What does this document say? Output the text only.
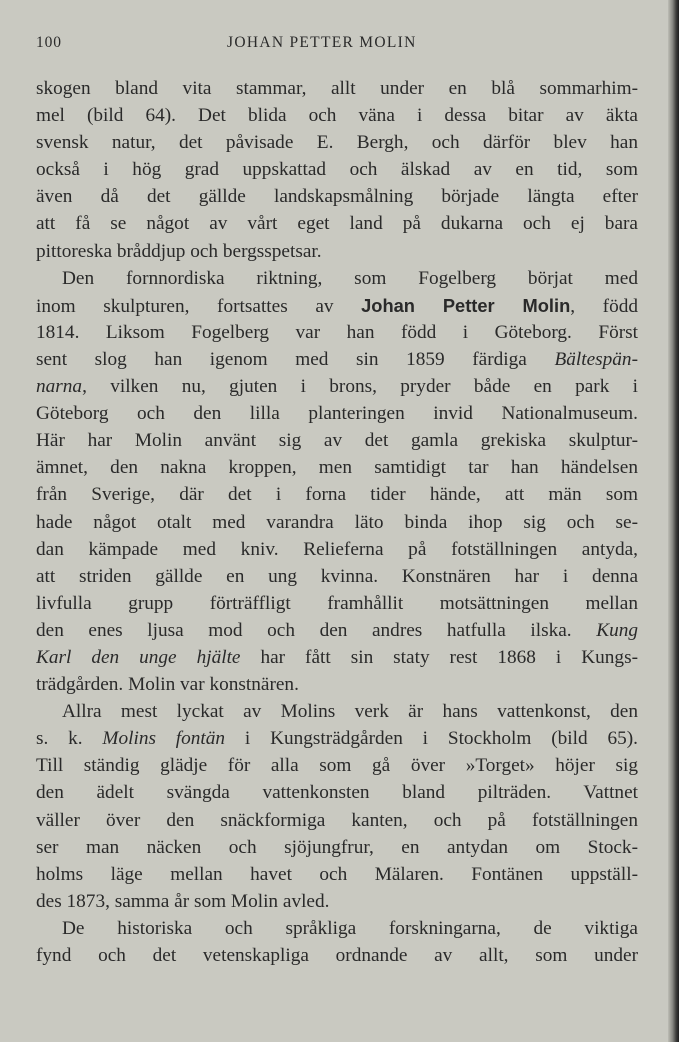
100	JOHAN PETTER MOLIN
skogen bland vita stammar, allt under en blå sommarhim-
mel (bild 64). Det blida och väna i dessa bitar av äkta
svensk natur, det påvisade E. Bergh, och därför blev han
också i hög grad uppskattad och älskad av en tid, som
även då det gällde landskapsmålning började längta efter
att få se något av vårt eget land på dukarna och ej bara
pittoreska bråddjup och bergsspetsar.
Den fornnordiska riktning, som Fogelberg börjat med
inom skulpturen, fortsattes av Johan Petter Molin, född
1814. Liksom Fogelberg var han född i Göteborg. Först
sent slog han igenom med sin 1859 färdiga Bältespän-
narna, vilken nu, gjuten i brons, pryder både en park i
Göteborg och den lilla planteringen invid Nationalmuseum.
Här har Molin använt sig av det gamla grekiska skulptur-
ämnet, den nakna kroppen, men samtidigt tar han händelsen
från Sverige, där det i forna tider hände, att män som
hade något otalt med varandra läto binda ihop sig och se-
dan kämpade med kniv. Relieferna på fotställningen antyda,
att striden gällde en ung kvinna. Konstnären har i denna
livfulla grupp förträffligt framhållit motsättningen mellan
den enes ljusa mod och den andres hatfulla ilska. Kung
Karl den unge hjälte har fått sin staty rest 1868 i Kungs-
trädgården. Molin var konstnären.
Allra mest lyckat av Molins verk är hans vattenkonst, den
s. k. Molins fontän i Kungsträdgården i Stockholm (bild 65).
Till ständig glädje för alla som gå över »Torget» höjer sig
den ädelt svängda vattenkonsten bland pilträden. Vattnet
väller över den snäckformiga kanten, och på fotställningen
ser man näcken och sjöjungfrur, en antydan om Stock-
holms läge mellan havet och Mälaren. Fontänen uppställ-
des 1873, samma år som Molin avled.
De historiska och språkliga forskningarna, de viktiga
fynd och det vetenskapliga ordnande av allt, som under
